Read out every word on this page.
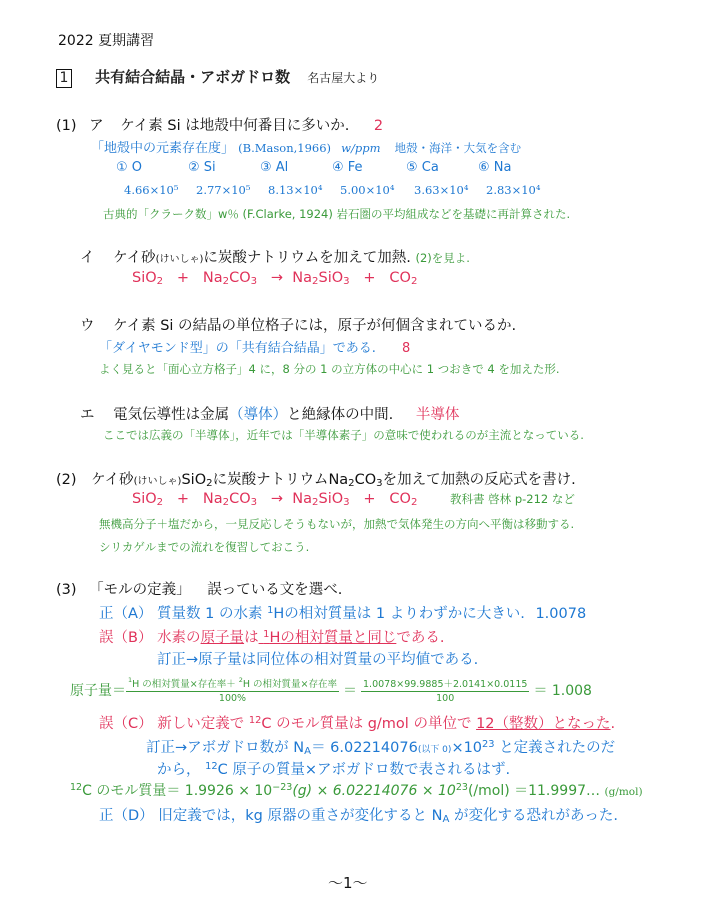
2022 夏期講習
1 共有結合結晶・アボガドロ数 名古屋大より
(1) ア ケイ素 Si は地殻中何番目に多いか. 2
「地殻中の元素存在度」 (B.Mason,1966) w/ppm 地殻・海洋・大気を含む
① O	② Si	③ Al	④ Fe	⑤ Ca	⑥ Na
4.66×10⁵ 2.77×10⁵ 8.13×10⁴ 5.00×10⁴ 3.63×10⁴ 2.83×10⁴
古典的「クラーク数」w％ (F.Clarke, 1924) 岩石圏の平均組成などを基礎に再計算された.
イ ケイ砂(けいしゃ)に炭酸ナトリウムを加えて加熱. (2)を見よ.
$SiO_2 + Na_2CO_3 \to Na_2SiO_3 + CO_2$
ウ ケイ素 Si の結晶の単位格子には，原子が何個含まれているか.
「ダイヤモンド型」の「共有結合結晶」である. 8
よく見ると「面心立方格子」4 に，8 分の 1 の立方体の中心に 1 つおきで 4 を加えた形.
エ 電気伝導性は金属（導体）と絶縁体の中間. 半導体
ここでは広義の「半導体」，近年では「半導体素子」の意味で使われるのが主流となっている.
(2) ケイ砂(けいしゃ)SiO$_2$に炭酸ナトリウム$Na_2CO_3$を加えて加熱の反応式を書け.
$SiO_2 + Na_2CO_3 \to Na_2SiO_3 + CO_2$	教科書 啓林 p-212 など
無機高分子＋塩だから，一見反応しそうもないが，加熱で気体発生の方向へ平衡は移動する.
シリカゲルまでの流れを復習しておこう.
(3) 「モルの定義」 誤っている文を選べ.
正（A） 質量数 1 の水素 $^1$Hの相対質量は 1 よりわずかに大きい. 1.0078
誤（B） 水素の原子量は $^1$Hの相対質量と同じである.
訂正→原子量は同位体の相対質量の平均値である.
原子量＝ $\frac{^1H の相対質量\times 存在率+ ^2H の相対質量\times 存在率}{100\%} = \frac{1.0078\times 99.9885+2.0141\times 0.0115}{100} = 1.008$
誤（C） 新しい定義で $^{12}$C のモル質量は g/mol の単位で 12（整数）となった.
訂正→アボガドロ数が $N_A= 6.02214076$(以下 $0)\times 10^{23}$ と定義されたのだ
から， $^{12}$C 原子の質量×アボガドロ数で表されるはず.
$^{12}$C のモル質量＝ $1.9926 \times 10^{-23}(g) \times 6.02214076 \times 10^{23}(/mol)$ ＝11.9997… (g/mol)
正（D） 旧定義では，kg 原器の重さが変化すると $N_A$ が変化する恐れがあった.
～1～
